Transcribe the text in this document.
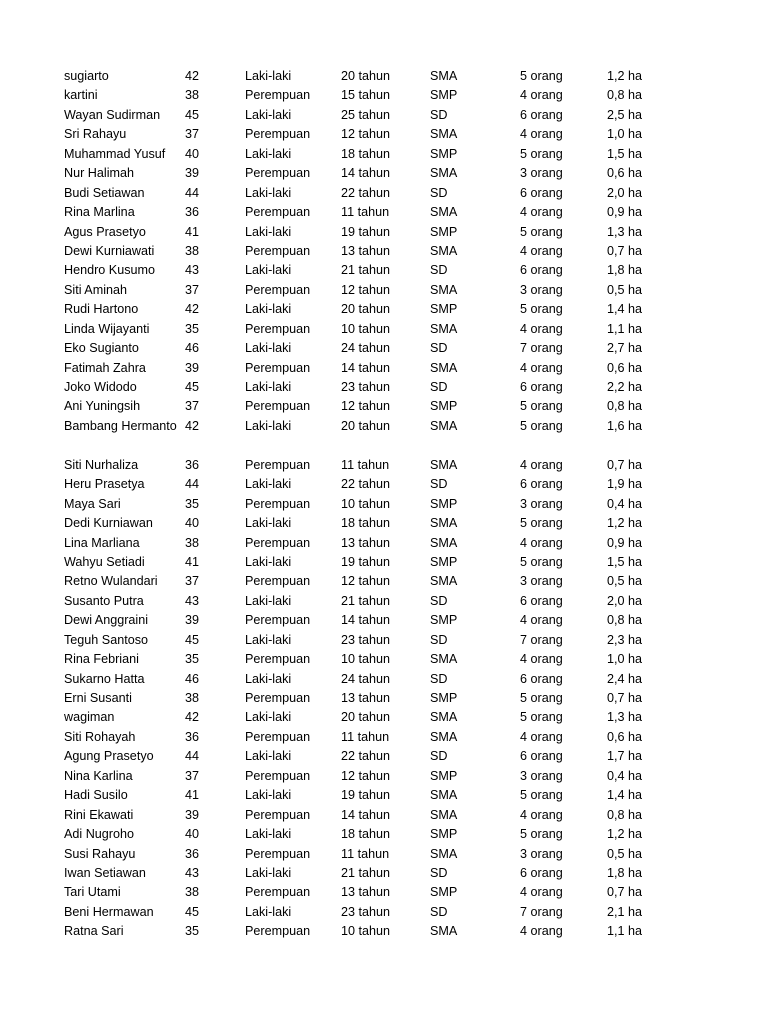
sugiarto	42	Laki-laki	20 tahun	SMA	5 orang	1,2 ha
kartini	38	Perempuan 15 tahun	SMP	4 orang	0,8 ha
Wayan Sudirman 45	Laki-laki	25 tahun	SD	6 orang	2,5 ha
Sri Rahayu	37	Perempuan 12 tahun	SMA	4 orang	1,0 ha
Muhammad Yusuf 40	Laki-laki	18 tahun	SMP	5 orang	1,5 ha
Nur Halimah	39	Perempuan 14 tahun	SMA	3 orang	0,6 ha
Budi Setiawan	44	Laki-laki	22 tahun	SD	6 orang	2,0 ha
Rina Marlina	36	Perempuan 11 tahun	SMA	4 orang	0,9 ha
Agus Prasetyo	41	Laki-laki	19 tahun	SMP	5 orang	1,3 ha
Dewi Kurniawati 38	Perempuan 13 tahun	SMA	4 orang	0,7 ha
Hendro Kusumo 43	Laki-laki	21 tahun	SD	6 orang	1,8 ha
Siti Aminah	37	Perempuan 12 tahun	SMA	3 orang	0,5 ha
Rudi Hartono	42	Laki-laki	20 tahun	SMP	5 orang	1,4 ha
Linda Wijayanti	35	Perempuan 10 tahun	SMA	4 orang	1,1 ha
Eko Sugianto	46	Laki-laki	24 tahun	SD	7 orang	2,7 ha
Fatimah Zahra	39	Perempuan 14 tahun	SMA	4 orang	0,6 ha
Joko Widodo	45	Laki-laki	23 tahun	SD	6 orang	2,2 ha
Ani Yuningsih	37	Perempuan 12 tahun	SMP	5 orang	0,8 ha
Bambang Hermanto 42	Laki-laki	20 tahun	SMA	5 orang	1,6 ha
Siti Nurhaliza	36	Perempuan 11 tahun	SMA	4 orang	0,7 ha
Heru Prasetya	44	Laki-laki	22 tahun	SD	6 orang	1,9 ha
Maya Sari	35	Perempuan 10 tahun	SMP	3 orang	0,4 ha
Dedi Kurniawan	40	Laki-laki	18 tahun	SMA	5 orang	1,2 ha
Lina Marliana	38	Perempuan 13 tahun	SMA	4 orang	0,9 ha
Wahyu Setiadi	41	Laki-laki	19 tahun	SMP	5 orang	1,5 ha
Retno Wulandari 37	Perempuan 12 tahun	SMA	3 orang	0,5 ha
Susanto Putra	43	Laki-laki	21 tahun	SD	6 orang	2,0 ha
Dewi Anggraini	39	Perempuan 14 tahun	SMP	4 orang	0,8 ha
Teguh Santoso	45	Laki-laki	23 tahun	SD	7 orang	2,3 ha
Rina Febriani	35	Perempuan 10 tahun	SMA	4 orang	1,0 ha
Sukarno Hatta	46	Laki-laki	24 tahun	SD	6 orang	2,4 ha
Erni Susanti	38	Perempuan 13 tahun	SMP	5 orang	0,7 ha
wagiman	42	Laki-laki	20 tahun	SMA	5 orang	1,3 ha
Siti Rohayah	36	Perempuan 11 tahun	SMA	4 orang	0,6 ha
Agung Prasetyo 44	Laki-laki	22 tahun	SD	6 orang	1,7 ha
Nina Karlina	37	Perempuan 12 tahun	SMP	3 orang	0,4 ha
Hadi Susilo	41	Laki-laki	19 tahun	SMA	5 orang	1,4 ha
Rini Ekawati	39	Perempuan 14 tahun	SMA	4 orang	0,8 ha
Adi Nugroho	40	Laki-laki	18 tahun	SMP	5 orang	1,2 ha
Susi Rahayu	36	Perempuan 11 tahun	SMA	3 orang	0,5 ha
Iwan Setiawan	43	Laki-laki	21 tahun	SD	6 orang	1,8 ha
Tari Utami	38	Perempuan 13 tahun	SMP	4 orang	0,7 ha
Beni Hermawan 45	Laki-laki	23 tahun	SD	7 orang	2,1 ha
Ratna Sari	35	Perempuan 10 tahun	SMA	4 orang	1,1 ha
